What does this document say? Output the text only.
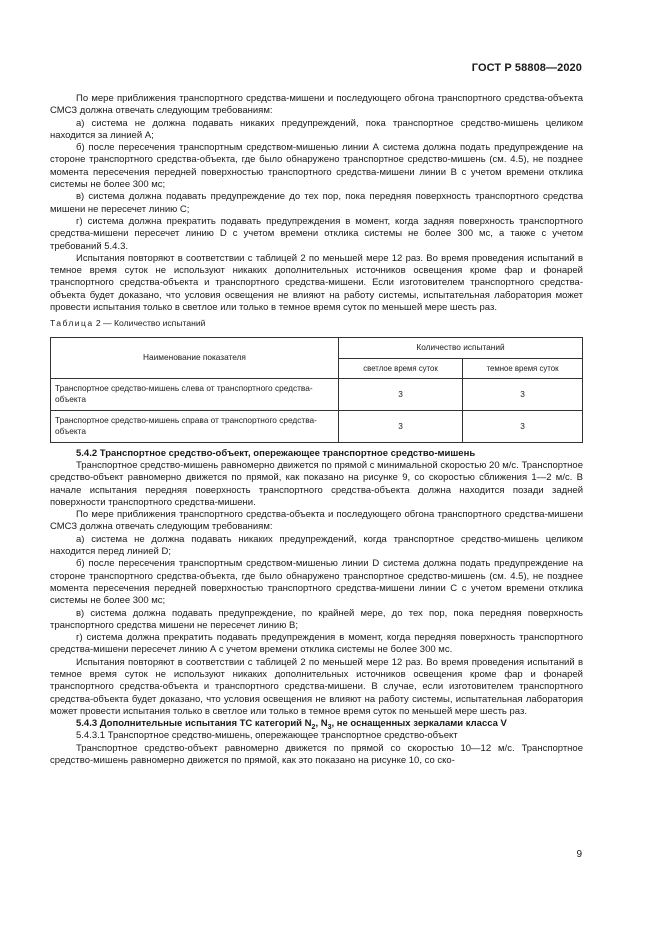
ГОСТ Р 58808—2020

По мере приближения транспортного средства-мишени и последующего обгона транспортного средства-объекта СМСЗ должна отвечать следующим требованиям:

а) система не должна подавать никаких предупреждений, пока транспортное средство-мишень целиком находится за линией А;

б) после пересечения транспортным средством-мишенью линии А система должна подать предупреждение на стороне транспортного средства-объекта, где было обнаружено транспортное средство-мишень (см. 4.5), не позднее момента пересечения передней поверхностью транспортного средства-мишени линии В с учетом времени отклика системы не более 300 мс;

в) система должна подавать предупреждение до тех пор, пока передняя поверхность транспортного средства мишени не пересечет линию С;

г) система должна прекратить подавать предупреждения в момент, когда задняя поверхность транспортного средства-мишени пересечет линию D с учетом времени отклика системы не более 300 мс, а также с учетом требований 5.4.3.

Испытания повторяют в соответствии с таблицей 2 по меньшей мере 12 раз. Во время проведения испытаний в темное время суток не используют никаких дополнительных источников освещения кроме фар и фонарей транспортного средства-объекта и транспортного средства-мишени. Если изготовителем транспортного средства-объекта будет доказано, что условия освещения не влияют на работу системы, испытательная лаборатория может провести испытания только в светлое или только в темное время суток по меньшей мере шесть раз.

Таблица 2 — Количество испытаний
Наименование показателя	Количество испытаний	
	светлое время суток	темное время суток
Транспортное средство-мишень слева от транспортного средства-объекта	3	3
Транспортное средство-мишень справа от транспортного средства-объекта	3	3

5.4.2 Транспортное средство-объект, опережающее транспортное средство-мишень

Транспортное средство-мишень равномерно движется по прямой с минимальной скоростью 20 м/с. Транспортное средство-объект равномерно движется по прямой, как показано на рисунке 9, со скоростью сближения 1—2 м/с. В начале испытания передняя поверхность транспортного средства-объекта должна находится позади задней поверхности транспортного средства-мишени.

По мере приближения транспортного средства-объекта и последующего обгона транспортного средства-мишени СМСЗ должна отвечать следующим требованиям:

а) система не должна подавать никаких предупреждений, когда транспортное средство-мишень целиком находится перед линией D;

б) после пересечения транспортным средством-мишенью линии D система должна подать предупреждение на стороне транспортного средства-объекта, где было обнаружено транспортное средство-мишень (см. 4.5), не позднее момента пересечения передней поверхностью транспортного средства-мишени линии С с учетом времени отклика системы не более 300 мс;

в) система должна подавать предупреждение, по крайней мере, до тех пор, пока передняя поверхность транспортного средства мишени не пересечет линию В;

г) система должна прекратить подавать предупреждения в момент, когда передняя поверхность транспортного средства-мишени пересечет линию А с учетом времени отклика системы не более 300 мс.

Испытания повторяют в соответствии с таблицей 2 по меньшей мере 12 раз. Во время проведения испытаний в темное время суток не используют никаких дополнительных источников освещения кроме фар и фонарей транспортного средства-объекта и транспортного средства-мишени. В случае, если изготовителем транспортного средства-объекта будет доказано, что условия освещения не влияют на работу системы, испытательная лаборатория может провести испытания только в светлое или только в темное время суток по меньшей мере шесть раз.

5.4.3 Дополнительные испытания ТС категорий $N_2$, $N_3$, не оснащенных зеркалами класса V

5.4.3.1 Транспортное средство-мишень, опережающее транспортное средство-объект

Транспортное средство-объект равномерно движется по прямой со скоростью 10—12 м/с. Транспортное средство-мишень равномерно движется по прямой, как это показано на рисунке 10, со ско-

9
